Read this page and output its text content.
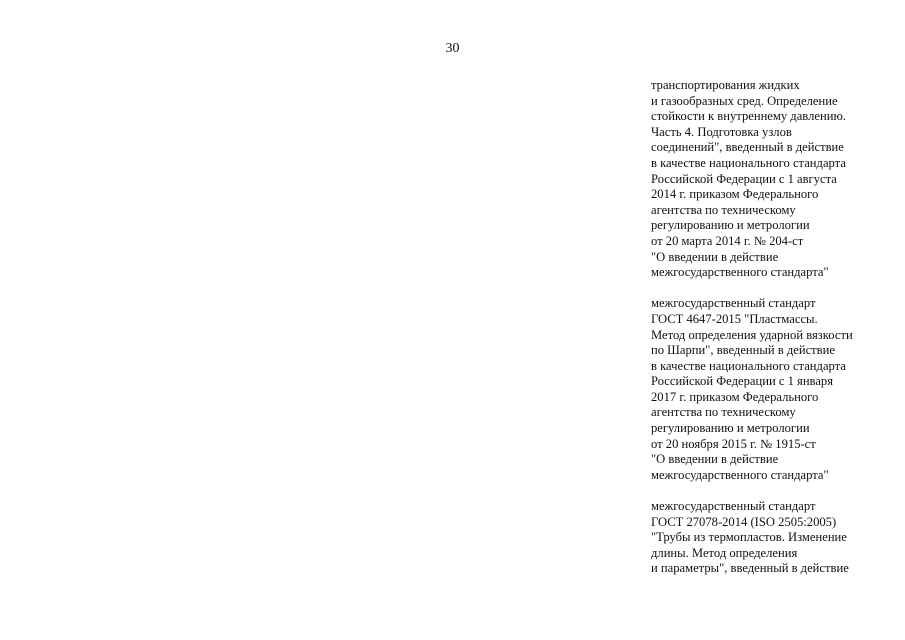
30
транспортирования жидких
и газообразных сред. Определение
стойкости к внутреннему давлению.
Часть 4. Подготовка узлов
соединений", введенный в действие
в качестве национального стандарта
Российской Федерации с 1 августа
2014 г. приказом Федерального
агентства по техническому
регулированию и метрологии
от 20 марта 2014 г. № 204-ст
"О введении в действие
межгосударственного стандарта"
межгосударственный стандарт
ГОСТ 4647-2015 "Пластмассы.
Метод определения ударной вязкости
по Шарпи", введенный в действие
в качестве национального стандарта
Российской Федерации с 1 января
2017 г. приказом Федерального
агентства по техническому
регулированию и метрологии
от 20 ноября 2015 г. № 1915-ст
"О введении в действие
межгосударственного стандарта"
межгосударственный стандарт
ГОСТ 27078-2014 (ISO 2505:2005)
"Трубы из термопластов. Изменение
длины. Метод определения
и параметры", введенный в действие
